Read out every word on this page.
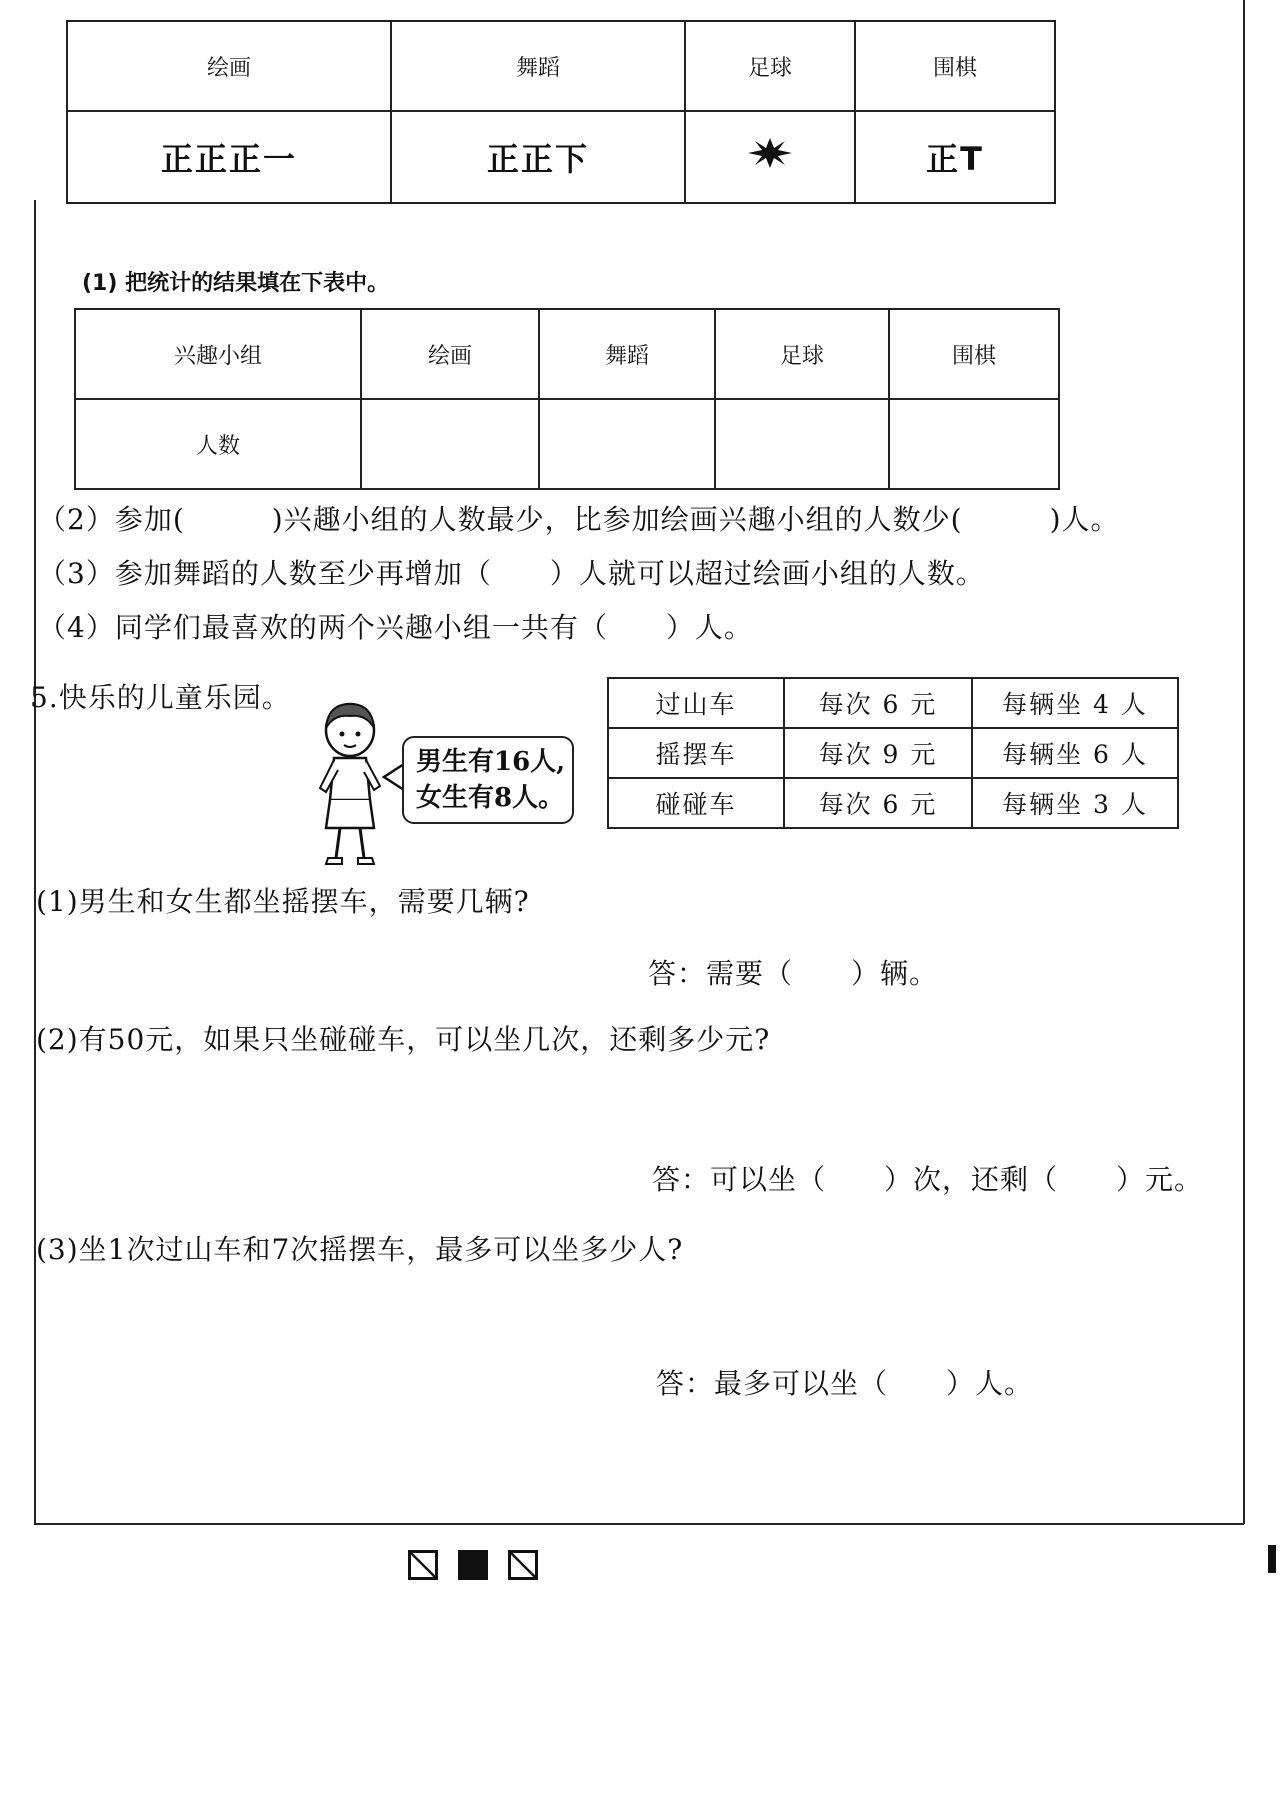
绘画	舞蹈	足球	围棋
正正正一	正正下		正T
(1) 把统计的结果填在下表中。
兴趣小组	绘画	舞蹈	足球	围棋
人数				
（2）参加(　　　)兴趣小组的人数最少，比参加绘画兴趣小组的人数少(　　　)人。
（3）参加舞蹈的人数至少再增加（　　）人就可以超过绘画小组的人数。
（4）同学们最喜欢的两个兴趣小组一共有（　　）人。
5.快乐的儿童乐园。
男生有16人,
女生有8人。
过山车	每次 6 元	每辆坐 4 人
摇摆车	每次 9 元	每辆坐 6 人
碰碰车	每次 6 元	每辆坐 3 人
(1)男生和女生都坐摇摆车，需要几辆?
答：需要（　　）辆。
(2)有50元，如果只坐碰碰车，可以坐几次，还剩多少元?
答：可以坐（　　）次，还剩（　　）元。
(3)坐1次过山车和7次摇摆车，最多可以坐多少人?
答：最多可以坐（　　）人。
